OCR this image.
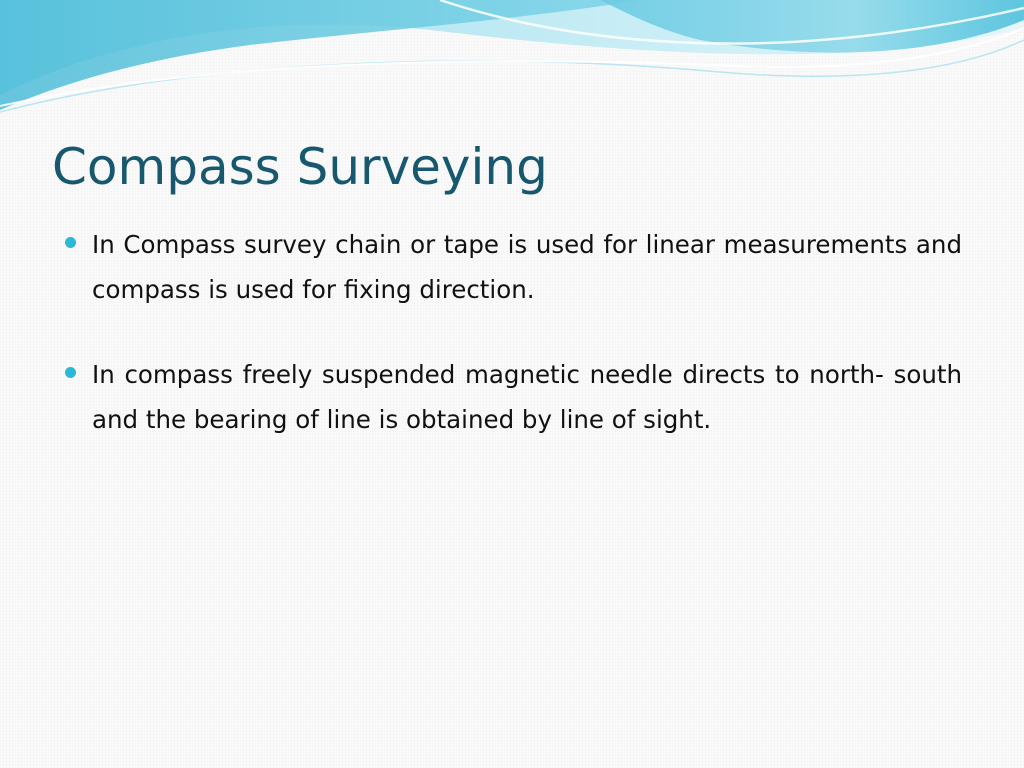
Compass Surveying
In Compass survey chain or tape is used for linear measurements and compass is used for fixing direction.
In compass freely suspended magnetic needle directs to north- south and the bearing of line is obtained by line of sight.
